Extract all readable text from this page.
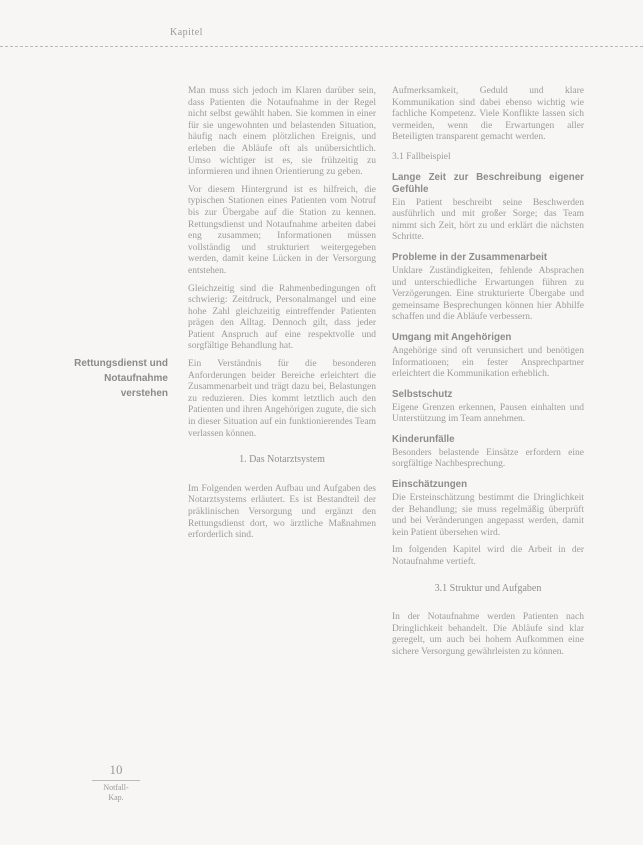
Kapitel
Rettungsdienst und Notaufnahme verstehen

Man muss sich jedoch im Klaren darüber sein, dass Patienten die Notaufnahme in der Regel nicht selbst gewählt haben. Sie kommen in einer für sie ungewohnten und belastenden Situation, häufig nach einem plötzlichen Ereignis, und erleben die Abläufe oft als unübersichtlich. Umso wichtiger ist es, sie frühzeitig zu informieren und ihnen Orientierung zu geben.

Vor diesem Hintergrund ist es hilfreich, die typischen Stationen eines Patienten vom Notruf bis zur Übergabe auf die Station zu kennen. Rettungsdienst und Notaufnahme arbeiten dabei eng zusammen; Informationen müssen vollständig und strukturiert weitergegeben werden, damit keine Lücken in der Versorgung entstehen.

Gleichzeitig sind die Rahmenbedingungen oft schwierig: Zeitdruck, Personalmangel und eine hohe Zahl gleichzeitig eintreffender Patienten prägen den Alltag. Dennoch gilt, dass jeder Patient Anspruch auf eine respektvolle und sorgfältige Behandlung hat.

Ein Verständnis für die besonderen Anforderungen beider Bereiche erleichtert die Zusammenarbeit und trägt dazu bei, Belastungen zu reduzieren. Dies kommt letztlich auch den Patienten und ihren Angehörigen zugute, die sich in dieser Situation auf ein funktionierendes Team verlassen können.

1. Das Notarztsystem

Im Folgenden werden Aufbau und Aufgaben des Notarztsystems erläutert. Es ist Bestandteil der präklinischen Versorgung und ergänzt den Rettungsdienst dort, wo ärztliche Maßnahmen erforderlich sind.

Aufmerksamkeit, Geduld und klare Kommunikation sind dabei ebenso wichtig wie fachliche Kompetenz. Viele Konflikte lassen sich vermeiden, wenn die Erwartungen aller Beteiligten transparent gemacht werden.

3.1 Fallbeispiel
Lange Zeit zur Beschreibung eigener Gefühle

Ein Patient beschreibt seine Beschwerden ausführlich und mit großer Sorge; das Team nimmt sich Zeit, hört zu und erklärt die nächsten Schritte.

Probleme in der Zusammenarbeit

Unklare Zuständigkeiten, fehlende Absprachen und unterschiedliche Erwartungen führen zu Verzögerungen. Eine strukturierte Übergabe und gemeinsame Besprechungen können hier Abhilfe schaffen und die Abläufe verbessern.

Umgang mit Angehörigen

Angehörige sind oft verunsichert und benötigen Informationen; ein fester Ansprechpartner erleichtert die Kommunikation erheblich.

Selbstschutz

Eigene Grenzen erkennen, Pausen einhalten und Unterstützung im Team annehmen.

Kinderunfälle

Besonders belastende Einsätze erfordern eine sorgfältige Nachbesprechung.

Einschätzungen

Die Ersteinschätzung bestimmt die Dringlichkeit der Behandlung; sie muss regelmäßig überprüft und bei Veränderungen angepasst werden, damit kein Patient übersehen wird.

Im folgenden Kapitel wird die Arbeit in der Notaufnahme vertieft.

3.1 Struktur und Aufgaben

In der Notaufnahme werden Patienten nach Dringlichkeit behandelt. Die Abläufe sind klar geregelt, um auch bei hohem Aufkommen eine sichere Versorgung gewährleisten zu können.

10
Notfall-
Kap.
